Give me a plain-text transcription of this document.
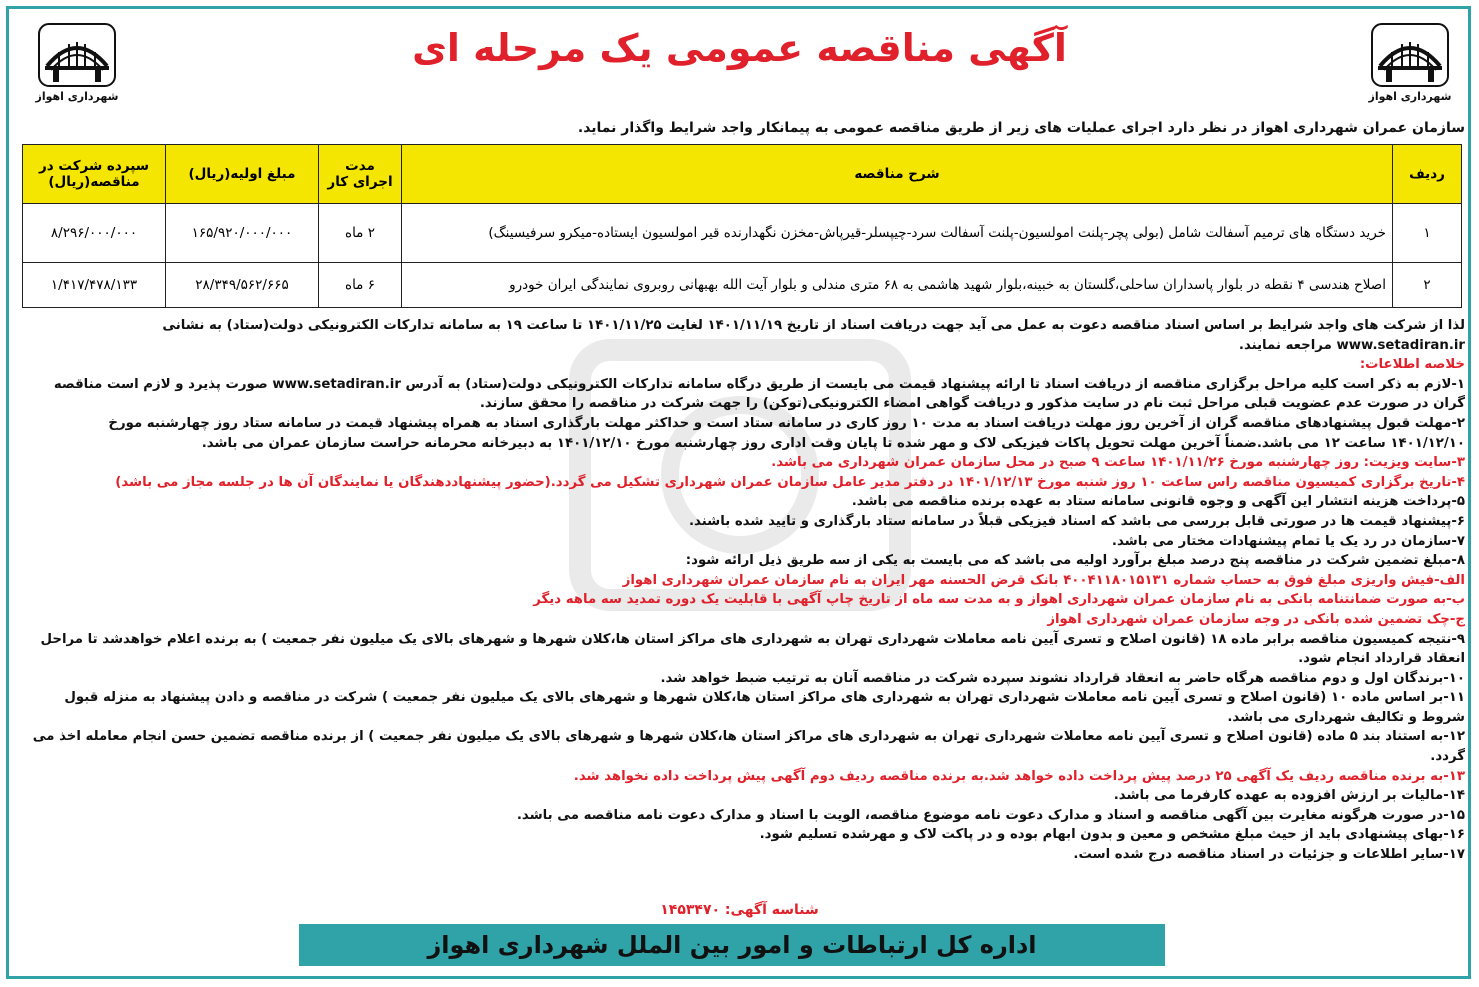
شهرداری اهواز
شهرداری اهواز
آگهی مناقصه عمومی یک مرحله ای
سازمان عمران شهرداری اهواز در نظر دارد اجرای عملیات های زیر از طریق مناقصه عمومی به پیمانکار واجد شرایط واگذار نماید.
ردیف	شرح مناقصه	مدت اجرای کار	مبلغ اولیه(ریال)	سپرده شرکت در مناقصه(ریال)
۱	خرید دستگاه های ترمیم آسفالت شامل (بولی پچر-پلنت امولسیون-پلنت آسفالت سرد-چیپسلر-قیرپاش-مخزن نگهدارنده قیر امولسیون ایستاده-میکرو سرفیسینگ)	۲ ماه	۱۶۵/۹۲۰/۰۰۰/۰۰۰	۸/۲۹۶/۰۰۰/۰۰۰
۲	اصلاح هندسی ۴ نقطه در بلوار پاسداران ساحلی،گلستان به خبینه،بلوار شهید هاشمی به ۶۸ متری مندلی و بلوار آیت الله بهبهانی روبروی نمایندگی ایران خودرو	۶ ماه	۲۸/۳۴۹/۵۶۲/۶۶۵	۱/۴۱۷/۴۷۸/۱۳۳

لذا از شرکت های واجد شرایط بر اساس اسناد مناقصه دعوت به عمل می آید جهت دریافت اسناد از تاریخ ۱۴۰۱/۱۱/۱۹ لغایت ۱۴۰۱/۱۱/۲۵ تا ساعت ۱۹ به سامانه تدارکات الکترونیکی دولت(ستاد) به نشانی www.setadiran.ir مراجعه نمایند.

خلاصه اطلاعات:

۱-لازم به ذکر است کلیه مراحل برگزاری مناقصه از دریافت اسناد تا ارائه پیشنهاد قیمت می بایست از طریق درگاه سامانه تدارکات الکترونیکی دولت(ستاد) به آدرس www.setadiran.ir صورت پذیرد و لازم است مناقصه گران در صورت عدم عضویت قبلی مراحل ثبت نام در سایت مذکور و دریافت گواهی امضاء الکترونیکی(توکن) را جهت شرکت در مناقصه را محقق سازند.

۲-مهلت قبول پیشنهادهای مناقصه گران از آخرین روز مهلت دریافت اسناد به مدت ۱۰ روز کاری در سامانه ستاد است و حداکثر مهلت بارگذاری اسناد به همراه پیشنهاد قیمت در سامانه ستاد روز چهارشنبه مورخ ۱۴۰۱/۱۲/۱۰ ساعت ۱۲ می باشد.ضمناً آخرین مهلت تحویل پاکات فیزیکی لاک و مهر شده تا پایان وقت اداری روز چهارشنبه مورخ ۱۴۰۱/۱۲/۱۰ به دبیرخانه محرمانه حراست سازمان عمران می باشد.

۳-سایت ویزیت: روز چهارشنبه مورخ ۱۴۰۱/۱۱/۲۶ ساعت ۹ صبح در محل سازمان عمران شهرداری می باشد.

۴-تاریخ برگزاری کمیسیون مناقصه راس ساعت ۱۰ روز شنبه مورخ ۱۴۰۱/۱۲/۱۳ در دفتر مدیر عامل سازمان عمران شهرداری تشکیل می گردد.(حضور پیشنهاددهندگان یا نمایندگان آن ها در جلسه مجاز می باشد)

۵-پرداخت هزینه انتشار این آگهی و وجوه قانونی سامانه ستاد به عهده برنده مناقصه می باشد.

۶-پیشنهاد قیمت ها در صورتی قابل بررسی می باشد که اسناد فیزیکی قبلاً در سامانه ستاد بارگذاری و تایید شده باشند.

۷-سازمان در رد یک یا تمام پیشنهادات مختار می باشد.

۸-مبلغ تضمین شرکت در مناقصه پنج درصد مبلغ برآورد اولیه می باشد که می بایست به یکی از سه طریق ذیل ارائه شود:

الف-فیش واریزی مبلغ فوق به حساب شماره ۴۰۰۴۱۱۸۰۱۵۱۳۱ بانک قرض الحسنه مهر ایران به نام سازمان عمران شهرداری اهواز

ب-به صورت ضمانتنامه بانکی به نام سازمان عمران شهرداری اهواز و به مدت سه ماه از تاریخ چاپ آگهی با قابلیت یک دوره تمدید سه ماهه دیگر

ج-چک تضمین شده بانکی در وجه سازمان عمران شهرداری اهواز

۹-نتیجه کمیسیون مناقصه برابر ماده ۱۸ (قانون اصلاح و تسری آیین نامه معاملات شهرداری تهران به شهرداری های مراکز استان ها،کلان شهرها و شهرهای بالای یک میلیون نفر جمعیت ) به برنده اعلام خواهدشد تا مراحل انعقاد قرارداد انجام شود.

۱۰-برندگان اول و دوم مناقصه هرگاه حاضر به انعقاد قرارداد نشوند سپرده شرکت در مناقصه آنان به ترتیب ضبط خواهد شد.

۱۱-بر اساس ماده ۱۰ (قانون اصلاح و تسری آیین نامه معاملات شهرداری تهران به شهرداری های مراکز استان ها،کلان شهرها و شهرهای بالای یک میلیون نفر جمعیت ) شرکت در مناقصه و دادن پیشنهاد به منزله قبول شروط و تکالیف شهرداری می باشد.

۱۲-به استناد بند ۵ ماده (قانون اصلاح و تسری آیین نامه معاملات شهرداری تهران به شهرداری های مراکز استان ها،کلان شهرها و شهرهای بالای یک میلیون نفر جمعیت ) از برنده مناقصه تضمین حسن انجام معامله اخذ می گردد.

۱۳-به برنده مناقصه ردیف یک آگهی ۲۵ درصد پیش پرداخت داده خواهد شد.به برنده مناقصه ردیف دوم آگهی پیش پرداخت داده نخواهد شد.

۱۴-مالیات بر ارزش افزوده به عهده کارفرما می باشد.

۱۵-در صورت هرگونه مغایرت بین آگهی مناقصه و اسناد و مدارک دعوت نامه موضوع مناقصه، الویت با اسناد و مدارک دعوت نامه مناقصه می باشد.

۱۶-بهای پیشنهادی باید از حیث مبلغ مشخص و معین و بدون ابهام بوده و در پاکت لاک و مهرشده تسلیم شود.

۱۷-سایر اطلاعات و جزئیات در اسناد مناقصه درج شده است.

شناسه آگهی: ۱۴۵۳۴۷۰
اداره کل ارتباطات و امور بین الملل شهرداری اهواز
